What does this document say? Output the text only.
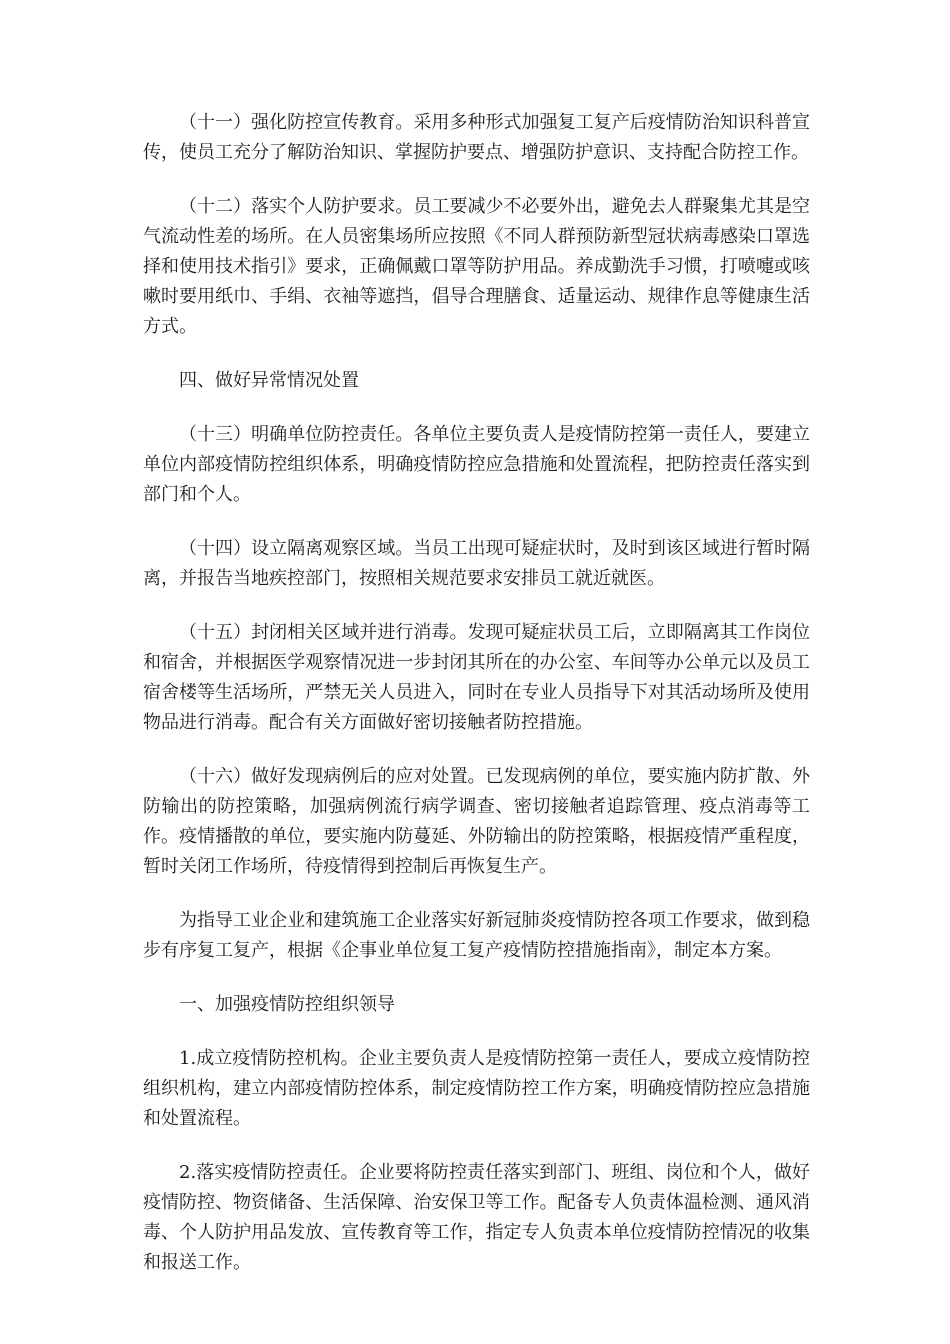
（十一）强化防控宣传教育。采用多种形式加强复工复产后疫情防治知识科普宣传，使员工充分了解防治知识、掌握防护要点、增强防护意识、支持配合防控工作。

（十二）落实个人防护要求。员工要减少不必要外出，避免去人群聚集尤其是空气流动性差的场所。在人员密集场所应按照《不同人群预防新型冠状病毒感染口罩选择和使用技术指引》要求，正确佩戴口罩等防护用品。养成勤洗手习惯，打喷嚏或咳嗽时要用纸巾、手绢、衣袖等遮挡，倡导合理膳食、适量运动、规律作息等健康生活方式。

四、做好异常情况处置

（十三）明确单位防控责任。各单位主要负责人是疫情防控第一责任人，要建立单位内部疫情防控组织体系，明确疫情防控应急措施和处置流程，把防控责任落实到部门和个人。

（十四）设立隔离观察区域。当员工出现可疑症状时，及时到该区域进行暂时隔离，并报告当地疾控部门，按照相关规范要求安排员工就近就医。

（十五）封闭相关区域并进行消毒。发现可疑症状员工后，立即隔离其工作岗位和宿舍，并根据医学观察情况进一步封闭其所在的办公室、车间等办公单元以及员工宿舍楼等生活场所，严禁无关人员进入，同时在专业人员指导下对其活动场所及使用物品进行消毒。配合有关方面做好密切接触者防控措施。

（十六）做好发现病例后的应对处置。已发现病例的单位，要实施内防扩散、外防输出的防控策略，加强病例流行病学调查、密切接触者追踪管理、疫点消毒等工作。疫情播散的单位，要实施内防蔓延、外防输出的防控策略，根据疫情严重程度，暂时关闭工作场所，待疫情得到控制后再恢复生产。

为指导工业企业和建筑施工企业落实好新冠肺炎疫情防控各项工作要求，做到稳步有序复工复产，根据《企事业单位复工复产疫情防控措施指南》，制定本方案。

一、加强疫情防控组织领导

1.成立疫情防控机构。企业主要负责人是疫情防控第一责任人，要成立疫情防控组织机构，建立内部疫情防控体系，制定疫情防控工作方案，明确疫情防控应急措施和处置流程。

2.落实疫情防控责任。企业要将防控责任落实到部门、班组、岗位和个人，做好疫情防控、物资储备、生活保障、治安保卫等工作。配备专人负责体温检测、通风消毒、个人防护用品发放、宣传教育等工作，指定专人负责本单位疫情防控情况的收集和报送工作。
